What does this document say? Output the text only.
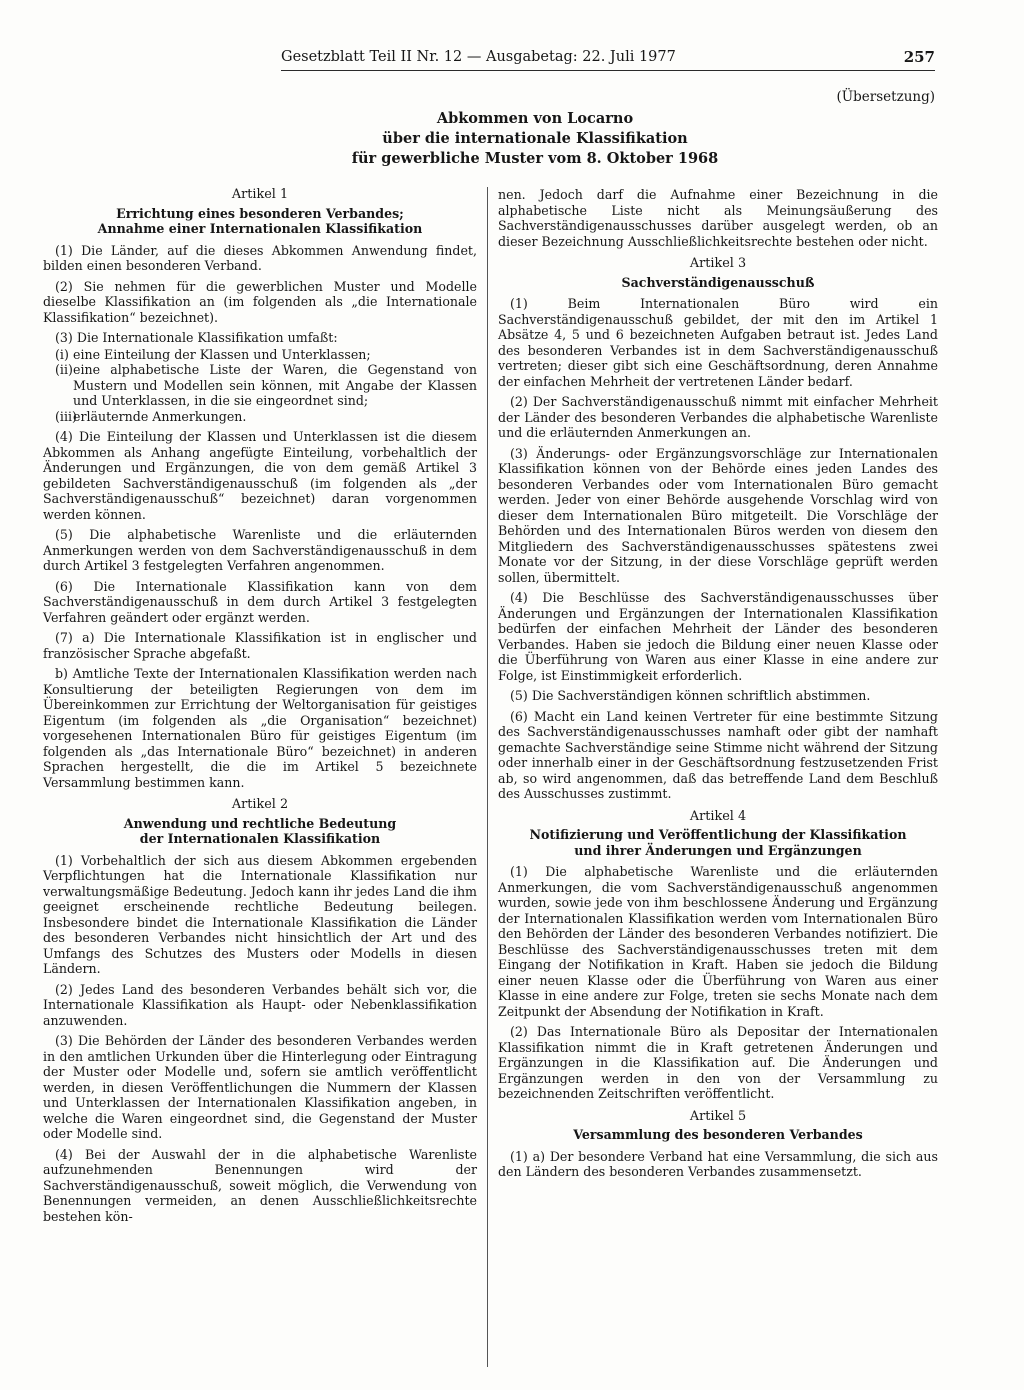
Gesetzblatt Teil II Nr. 12 — Ausgabetag: 22. Juli 1977	257
(Übersetzung)
Abkommen von Locarno
über die internationale Klassifikation
für gewerbliche Muster vom 8. Oktober 1968
Artikel 1
Errichtung eines besonderen Verbandes;
Annahme einer Internationalen Klassifikation

(1) Die Länder, auf die dieses Abkommen Anwendung findet, bilden einen besonderen Verband.

(2) Sie nehmen für die gewerblichen Muster und Modelle dieselbe Klassifikation an (im folgenden als „die Internationale Klassifikation“ bezeichnet).

(3) Die Internationale Klassifikation umfaßt:

(i) eine Einteilung der Klassen und Unterklassen;
(ii) eine alphabetische Liste der Waren, die Gegenstand von Mustern und Modellen sein können, mit Angabe der Klassen und Unterklassen, in die sie eingeordnet sind;
(iii)
erläuternde Anmerkungen.

(4) Die Einteilung der Klassen und Unterklassen ist die diesem Abkommen als Anhang angefügte Einteilung, vorbehaltlich der Änderungen und Ergänzungen, die von dem gemäß Artikel 3 gebildeten Sachverständigenausschuß (im folgenden als „der Sachverständigenausschuß“ bezeichnet) daran vorgenommen werden können.

(5) Die alphabetische Warenliste und die erläuternden Anmerkungen werden von dem Sachverständigenausschuß in dem durch Artikel 3 festgelegten Verfahren angenommen.

(6) Die Internationale Klassifikation kann von dem Sachverständigenausschuß in dem durch Artikel 3 festgelegten Verfahren geändert oder ergänzt werden.

(7) a) Die Internationale Klassifikation ist in englischer und französischer Sprache abgefaßt.

b) Amtliche Texte der Internationalen Klassifikation werden nach Konsultierung der beteiligten Regierungen von dem im Übereinkommen zur Errichtung der Weltorganisation für geistiges Eigentum (im folgenden als „die Organisation“ bezeichnet) vorgesehenen Internationalen Büro für geistiges Eigentum (im folgenden als „das Internationale Büro“ bezeichnet) in anderen Sprachen hergestellt, die die im Artikel 5 bezeichnete Versammlung bestimmen kann.

Artikel 2
Anwendung und rechtliche Bedeutung
der Internationalen Klassifikation

(1) Vorbehaltlich der sich aus diesem Abkommen ergebenden Verpflichtungen hat die Internationale Klassifikation nur verwaltungsmäßige Bedeutung. Jedoch kann ihr jedes Land die ihm geeignet erscheinende rechtliche Bedeutung beilegen. Insbesondere bindet die Internationale Klassifikation die Länder des besonderen Verbandes nicht hinsichtlich der Art und des Umfangs des Schutzes des Musters oder Modells in diesen Ländern.

(2) Jedes Land des besonderen Verbandes behält sich vor, die Internationale Klassifikation als Haupt- oder Nebenklassifikation anzuwenden.

(3) Die Behörden der Länder des besonderen Verbandes werden in den amtlichen Urkunden über die Hinterlegung oder Eintragung der Muster oder Modelle und, sofern sie amtlich veröffentlicht werden, in diesen Veröffentlichungen die Nummern der Klassen und Unterklassen der Internationalen Klassifikation angeben, in welche die Waren eingeordnet sind, die Gegenstand der Muster oder Modelle sind.

(4) Bei der Auswahl der in die alphabetische Warenliste aufzunehmenden Benennungen wird der Sachverständigenausschuß, soweit möglich, die Verwendung von Benennungen vermeiden, an denen Ausschließlichkeitsrechte bestehen kön-

nen. Jedoch darf die Aufnahme einer Bezeichnung in die alphabetische Liste nicht als Meinungsäußerung des Sachverständigenausschusses darüber ausgelegt werden, ob an dieser Bezeichnung Ausschließlichkeitsrechte bestehen oder nicht.

Artikel 3
Sachverständigenausschuß

(1) Beim Internationalen Büro wird ein Sachverständigenausschuß gebildet, der mit den im Artikel 1 Absätze 4, 5 und 6 bezeichneten Aufgaben betraut ist. Jedes Land des besonderen Verbandes ist in dem Sachverständigenausschuß vertreten; dieser gibt sich eine Geschäftsordnung, deren Annahme der einfachen Mehrheit der vertretenen Länder bedarf.

(2) Der Sachverständigenausschuß nimmt mit einfacher Mehrheit der Länder des besonderen Verbandes die alphabetische Warenliste und die erläuternden Anmerkungen an.

(3) Änderungs- oder Ergänzungsvorschläge zur Internationalen Klassifikation können von der Behörde eines jeden Landes des besonderen Verbandes oder vom Internationalen Büro gemacht werden. Jeder von einer Behörde ausgehende Vorschlag wird von dieser dem Internationalen Büro mitgeteilt. Die Vorschläge der Behörden und des Internationalen Büros werden von diesem den Mitgliedern des Sachverständigenausschusses spätestens zwei Monate vor der Sitzung, in der diese Vorschläge geprüft werden sollen, übermittelt.

(4) Die Beschlüsse des Sachverständigenausschusses über Änderungen und Ergänzungen der Internationalen Klassifikation bedürfen der einfachen Mehrheit der Länder des besonderen Verbandes. Haben sie jedoch die Bildung einer neuen Klasse oder die Überführung von Waren aus einer Klasse in eine andere zur Folge, ist Einstimmigkeit erforderlich.

(5) Die Sachverständigen können schriftlich abstimmen.

(6) Macht ein Land keinen Vertreter für eine bestimmte Sitzung des Sachverständigenausschusses namhaft oder gibt der namhaft gemachte Sachverständige seine Stimme nicht während der Sitzung oder innerhalb einer in der Geschäftsordnung festzusetzenden Frist ab, so wird angenommen, daß das betreffende Land dem Beschluß des Ausschusses zustimmt.

Artikel 4
Notifizierung und Veröffentlichung der Klassifikation
und ihrer Änderungen und Ergänzungen

(1) Die alphabetische Warenliste und die erläuternden Anmerkungen, die vom Sachverständigenausschuß angenommen wurden, sowie jede von ihm beschlossene Änderung und Ergänzung der Internationalen Klassifikation werden vom Internationalen Büro den Behörden der Länder des besonderen Verbandes notifiziert. Die Beschlüsse des Sachverständigenausschusses treten mit dem Eingang der Notifikation in Kraft. Haben sie jedoch die Bildung einer neuen Klasse oder die Überführung von Waren aus einer Klasse in eine andere zur Folge, treten sie sechs Monate nach dem Zeitpunkt der Absendung der Notifikation in Kraft.

(2) Das Internationale Büro als Depositar der Internationalen Klassifikation nimmt die in Kraft getretenen Änderungen und Ergänzungen in die Klassifikation auf. Die Änderungen und Ergänzungen werden in den von der Versammlung zu bezeichnenden Zeitschriften veröffentlicht.

Artikel 5
Versammlung des besonderen Verbandes

(1) a) Der besondere Verband hat eine Versammlung, die sich aus den Ländern des besonderen Verbandes zusammensetzt.
